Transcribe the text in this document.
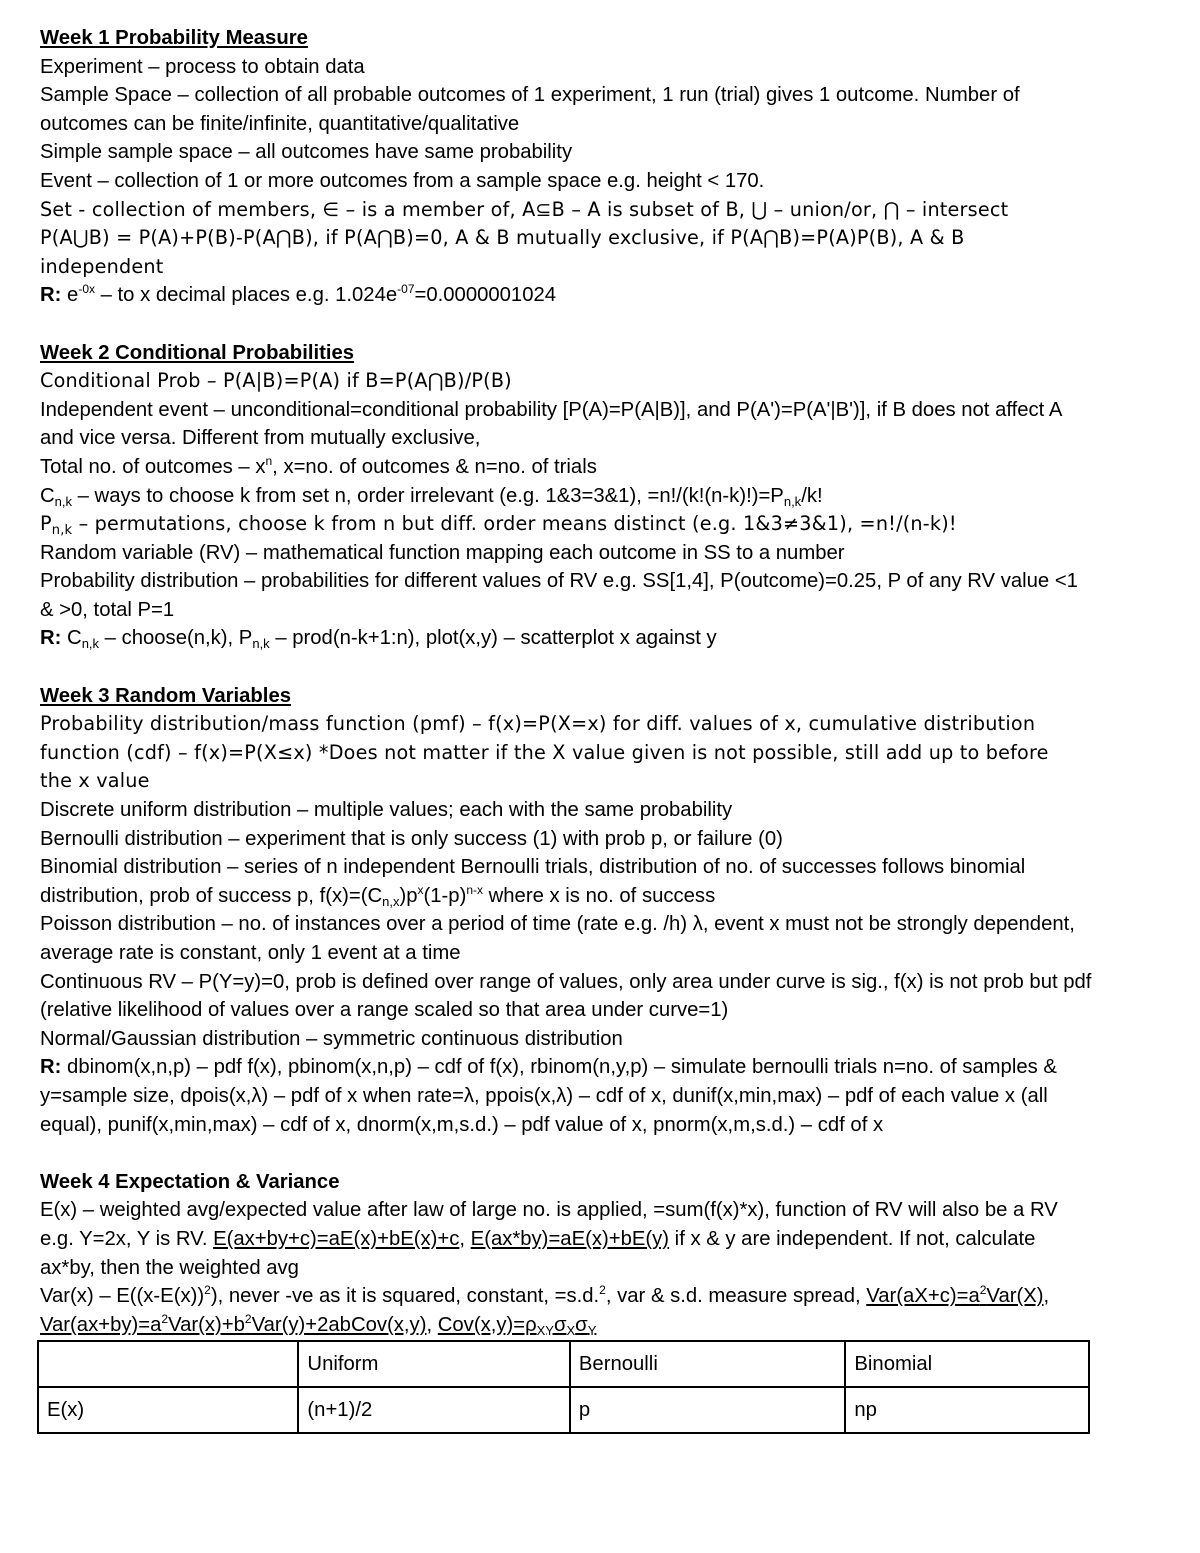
Week 1 Probability Measure
Experiment – process to obtain data
Sample Space – collection of all probable outcomes of 1 experiment, 1 run (trial) gives 1 outcome. Number of
outcomes can be finite/infinite, quantitative/qualitative
Simple sample space – all outcomes have same probability
Event – collection of 1 or more outcomes from a sample space e.g. height < 170.
Set - collection of members, ∈ – is a member of, A⊆B – A is subset of B, ⋃ – union/or, ⋂ – intersect
P(A⋃B) = P(A)+P(B)-P(A⋂B), if P(A⋂B)=0, A & B mutually exclusive, if P(A⋂B)=P(A)P(B), A & B
independent
R: $e^{-0x}$ – to x decimal places e.g. $1.024e^{-07}=0.0000001024$
Week 2 Conditional Probabilities
Conditional Prob – P(A|B)=P(A) if B=P(A⋂B)/P(B)
Independent event – unconditional=conditional probability [P(A)=P(A|B)], and P(A')=P(A'|B')], if B does not affect A
and vice versa. Different from mutually exclusive,
Total no. of outcomes – $x^n$, x=no. of outcomes & n=no. of trials
$C_{n,k}$ – ways to choose k from set n, order irrelevant (e.g. 1&3=3&1), $=n!/(k!(n-k)!)=P_{n,k}/k$!
$P_{n,k}$ – permutations, choose k from n but diff. order means distinct (e.g. 1&3≠3&1), =n!/(n-k)!
Random variable (RV) – mathematical function mapping each outcome in SS to a number
Probability distribution – probabilities for different values of RV e.g. SS[1,4], P(outcome)=0.25, P of any RV value <1
& >0, total P=1
R: $C_{n,k}$ – choose(n,k), $P_{n,k}$ – prod(n-k+1:n), plot(x,y) – scatterplot x against y
Week 3 Random Variables
Probability distribution/mass function (pmf) – f(x)=P(X=x) for diff. values of x, cumulative distribution
function (cdf) – f(x)=P(X≤x) *Does not matter if the X value given is not possible, still add up to before
the x value
Discrete uniform distribution – multiple values; each with the same probability
Bernoulli distribution – experiment that is only success (1) with prob p, or failure (0)
Binomial distribution – series of n independent Bernoulli trials, distribution of no. of successes follows binomial
distribution, prob of success p, $f(x)=(C_{n,x})p^x(1-p)^{n-x}$ where x is no. of success
Poisson distribution – no. of instances over a period of time (rate e.g. /h) λ, event x must not be strongly dependent,
average rate is constant, only 1 event at a time
Continuous RV – P(Y=y)=0, prob is defined over range of values, only area under curve is sig., f(x) is not prob but pdf
(relative likelihood of values over a range scaled so that area under curve=1)
Normal/Gaussian distribution – symmetric continuous distribution
R: dbinom(x,n,p) – pdf f(x), pbinom(x,n,p) – cdf of f(x), rbinom(n,y,p) – simulate bernoulli trials n=no. of samples &
y=sample size, dpois(x,λ) – pdf of x when rate=λ, ppois(x,λ) – cdf of x, dunif(x,min,max) – pdf of each value x (all
equal), punif(x,min,max) – cdf of x, dnorm(x,m,s.d.) – pdf value of x, pnorm(x,m,s.d.) – cdf of x
Week 4 Expectation & Variance
E(x) – weighted avg/expected value after law of large no. is applied, =sum(f(x)*x), function of RV will also be a RV
e.g. Y=2x, Y is RV. E(ax+by+c)=aE(x)+bE(x)+c, E(ax*by)=aE(x)+bE(y) if x & y are independent. If not, calculate
ax*by, then the weighted avg
$Var(x) - E((x-E(x))^2)$, never -ve as it is squared, constant, =s.d.$^2$, var & s.d. measure spread, $Var(aX+c)=a^2Var(X)$,
$Var(ax+by)=a^2Var(x)+b^2Var(y)+2abCov(x,y)$, $Cov(x,y)=\rho_{XY}\sigma_X\sigma_Y$
	Uniform	Bernoulli	Binomial
E(x)	(n+1)/2	p	np
